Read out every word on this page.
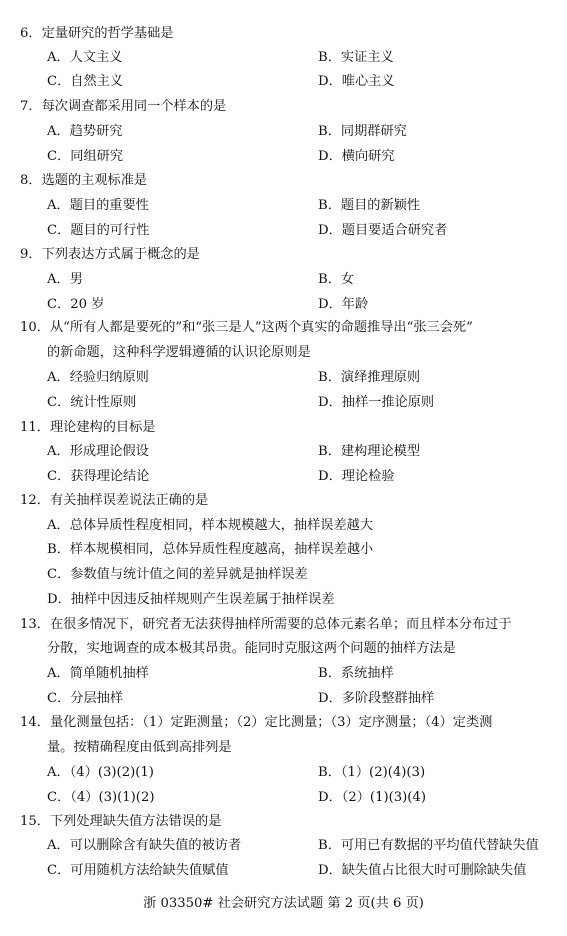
6．定量研究的哲学基础是
A．人文主义	B．实证主义
C．自然主义	D．唯心主义
7．每次调查都采用同一个样本的是
A．趋势研究	B．同期群研究
C．同组研究	D．横向研究
8．选题的主观标准是
A．题目的重要性	B．题目的新颖性
C．题目的可行性	D．题目要适合研究者
9．下列表达方式属于概念的是
A．男	B．女
C．20 岁	D．年龄
10．从“所有人都是要死的”和“张三是人”这两个真实的命题推导出“张三会死”
的新命题，这种科学逻辑遵循的认识论原则是
A．经验归纳原则	B．演绎推理原则
C．统计性原则	D．抽样一推论原则
11．理论建构的目标是
A．形成理论假设	B．建构理论模型
C．获得理论结论	D．理论检验
12．有关抽样误差说法正确的是
A．总体异质性程度相同，样本规模越大，抽样误差越大
B．样本规模相同，总体异质性程度越高，抽样误差越小
C．参数值与统计值之间的差异就是抽样误差
D．抽样中因违反抽样规则产生误差属于抽样误差
13．在很多情况下，研究者无法获得抽样所需要的总体元素名单；而且样本分布过于
分散，实地调查的成本极其昂贵。能同时克服这两个问题的抽样方法是
A．简单随机抽样	B．系统抽样
C．分层抽样	D．多阶段整群抽样
14．量化测量包括：（1）定距测量；（2）定比测量；（3）定序测量；（4）定类测
量。按精确程度由低到高排列是
A．（4）(3)(2)(1)	B．（1）(2)(4)(3)
C．（4）(3)(1)(2)	D．（2）(1)(3)(4)
15．下列处理缺失值方法错误的是
A．可以删除含有缺失值的被访者	B．可用已有数据的平均值代替缺失值
C．可用随机方法给缺失值赋值	D．缺失值占比很大时可删除缺失值
浙 03350# 社会研究方法试题 第 2 页(共 6 页)
